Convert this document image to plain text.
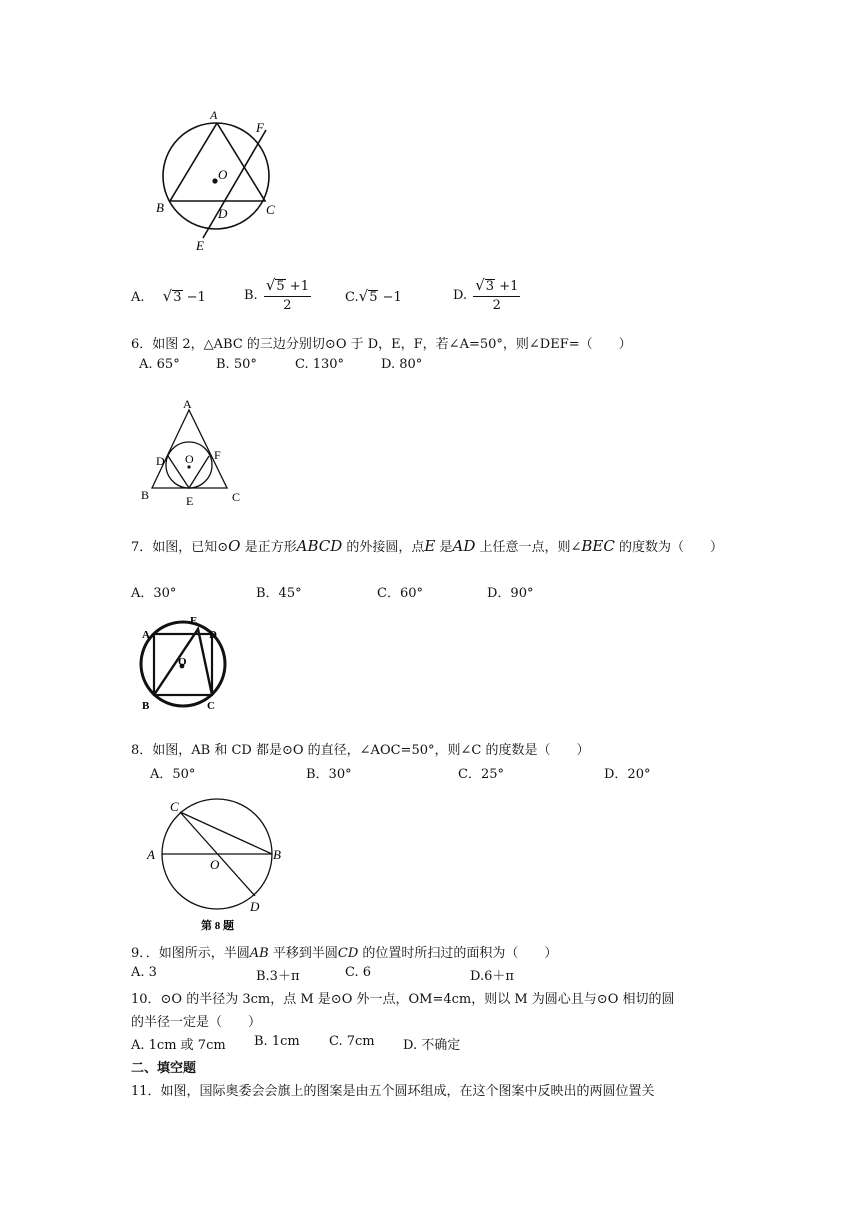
A
F
O
B	D	C
E
A. √3 −1	B. $\frac{√5 +1}{2}$	C.√5 −1	D. $\frac{√3 +1}{2}$
6．如图 2，△ABC 的三边分别切⊙O 于 D，E，F，若∠A=50°，则∠DEF=（　　）
A. 65°	B. 50°	C. 130°	D. 80°
A
O
D	F
B	E	C
7．如图，已知⊙O 是正方形ABCD 的外接圆，点E 是AD 上任意一点，则∠BEC 的度数为（　　）
A．30°	B．45°	C．60°	D．90°
A
E
D
O
B	C
8．如图，AB 和 CD 都是⊙O 的直径，∠AOC=50°，则∠C 的度数是（　　）
A．50°	B．30°	C．25°	D．20°
C
A
O
B
D
第 8 题
9．．如图所示，半圆AB 平移到半圆CD 的位置时所扫过的面积为（　　）
A. 3	B.3＋π	C. 6	D.6＋π
10．⊙O 的半径为 3cm，点 M 是⊙O 外一点，OM=4cm，则以 M 为圆心且与⊙O 相切的圆
的半径一定是（　　）
A. 1cm 或 7cm B. 1cm C. 7cm D. 不确定
二、填空题
11．如图，国际奥委会会旗上的图案是由五个圆环组成，在这个图案中反映出的两圆位置关
